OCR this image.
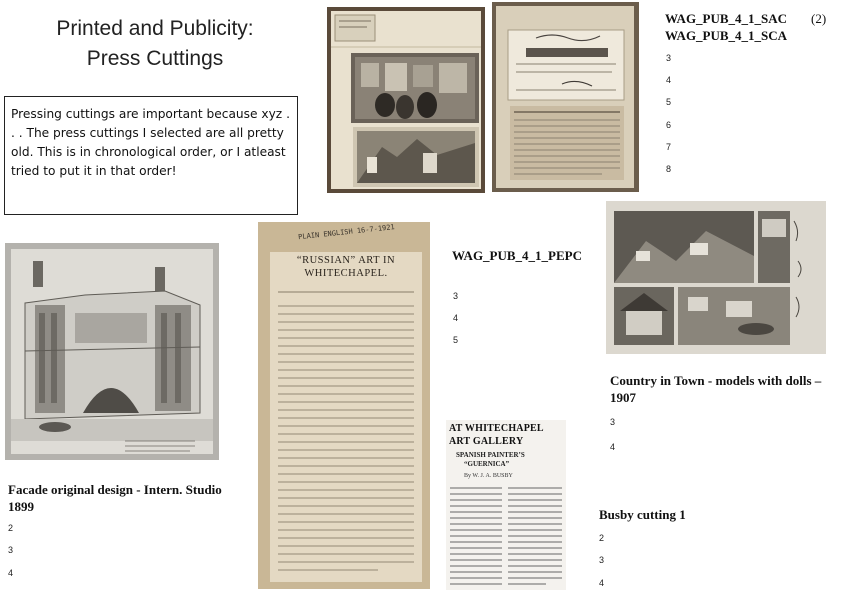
Printed and Publicity:
Press Cuttings
Pressing cuttings are important because xyz . . . The press cuttings I selected are all pretty old. This is in chronological order, or I atleast tried to put it in that order!
WAG_PUB_4_1_SAC (2)
WAG_PUB_4_1_SCA
3
4
5
6
7
8
Facade original design - Intern. Studio 1899
2
3
4
PLAIN ENGLISH 16-7-1921
“RUSSIAN” ART IN
WHITECHAPEL.
WAG_PUB_4_1_PEPC
3
4
5
Country in Town - models with dolls – 1907
3
4
AT WHITECHAPEL
ART GALLERY
SPANISH PAINTER’S
“GUERNICA”
By W. J. A. BUSBY
Busby cutting 1
2
3
4
